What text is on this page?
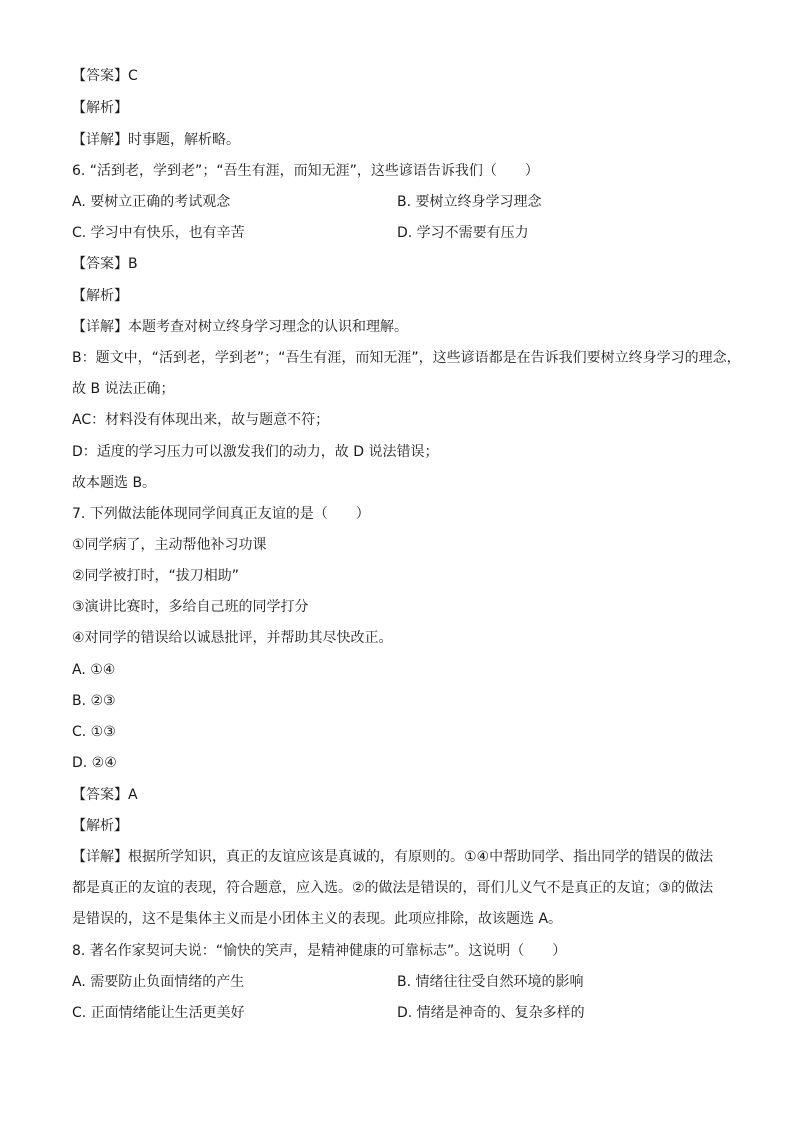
【答案】C
【解析】
【详解】时事题，解析略。
6. “活到老，学到老”；“吾生有涯，而知无涯”，这些谚语告诉我们（　　）
A. 要树立正确的考试观念	B. 要树立终身学习理念
C. 学习中有快乐，也有辛苦	D. 学习不需要有压力
【答案】B
【解析】
【详解】本题考查对树立终身学习理念的认识和理解。
B：题文中，“活到老，学到老”；“吾生有涯，而知无涯”，这些谚语都是在告诉我们要树立终身学习的理念，
故 B 说法正确；
AC：材料没有体现出来，故与题意不符；
D：适度的学习压力可以激发我们的动力，故 D 说法错误；
故本题选 B。
7. 下列做法能体现同学间真正友谊的是（　　）
①同学病了，主动帮他补习功课
②同学被打时，“拔刀相助”
③演讲比赛时，多给自己班的同学打分
④对同学的错误给以诚恳批评，并帮助其尽快改正。
A. ①④
B. ②③
C. ①③
D. ②④
【答案】A
【解析】
【详解】根据所学知识，真正的友谊应该是真诚的，有原则的。①④中帮助同学、指出同学的错误的做法
都是真正的友谊的表现，符合题意，应入选。②的做法是错误的，哥们儿义气不是真正的友谊；③的做法
是错误的，这不是集体主义而是小团体主义的表现。此项应排除，故该题选 A。
8. 著名作家契诃夫说：“愉快的笑声，是精神健康的可靠标志”。这说明（　　）
A. 需要防止负面情绪的产生	B. 情绪往往受自然环境的影响
C. 正面情绪能让生活更美好	D. 情绪是神奇的、复杂多样的
